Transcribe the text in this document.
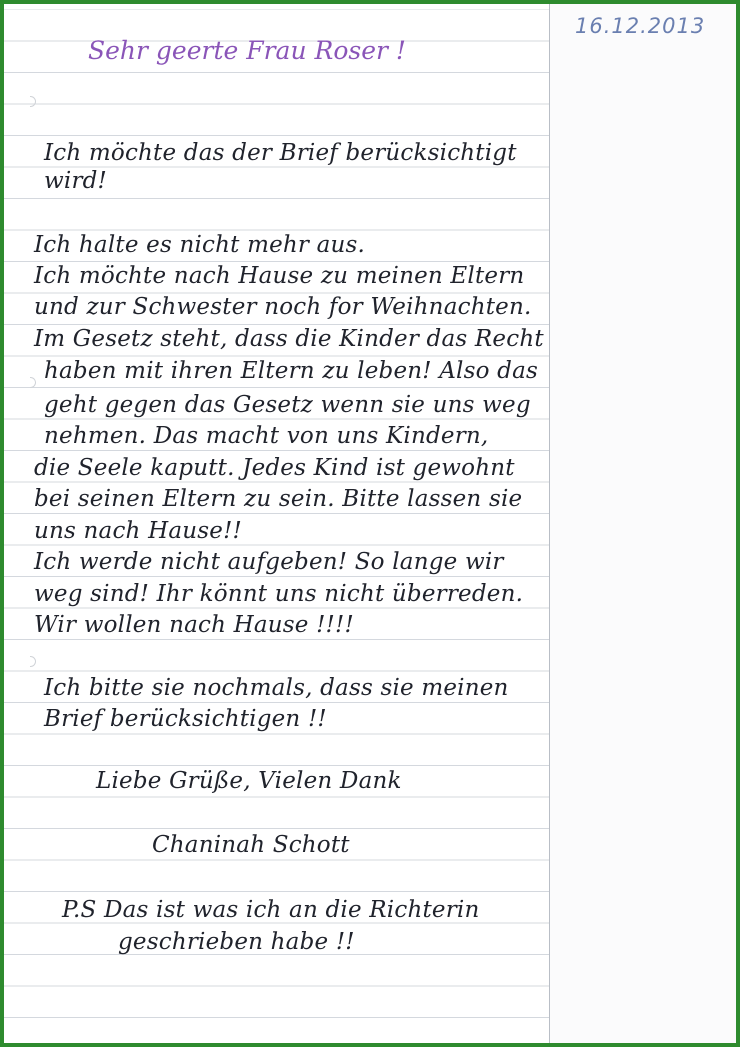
16.12.2013
Sehr geerte Frau Roser !
Ich möchte das der Brief berücksichtigt
wird!
Ich halte es nicht mehr aus.
Ich möchte nach Hause zu meinen Eltern
und zur Schwester noch for Weihnachten.
Im Gesetz steht, dass die Kinder das Recht
haben mit ihren Eltern zu leben! Also das
geht gegen das Gesetz wenn sie uns weg
nehmen. Das macht von uns Kindern,
die Seele kaputt. Jedes Kind ist gewohnt
bei seinen Eltern zu sein. Bitte lassen sie
uns nach Hause!!
Ich werde nicht aufgeben! So lange wir
weg sind! Ihr könnt uns nicht überreden.
Wir wollen nach Hause !!!!
Ich bitte sie nochmals, dass sie meinen
Brief berücksichtigen !!
Liebe Grüße, Vielen Dank
Chaninah Schott
P.S Das ist was ich an die Richterin
geschrieben habe !!
